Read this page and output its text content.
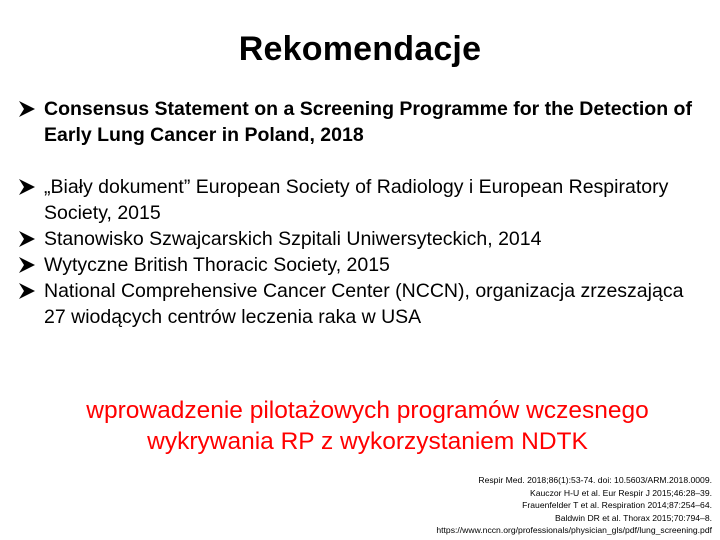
Rekomendacje
Consensus Statement on a Screening Programme for the Detection of Early Lung Cancer in Poland, 2018
„Biały dokument” European Society of Radiology i European Respiratory Society, 2015
Stanowisko Szwajcarskich Szpitali Uniwersyteckich, 2014
Wytyczne British Thoracic Society, 2015
National Comprehensive Cancer Center (NCCN), organizacja zrzeszająca 27 wiodących centrów leczenia raka w USA
wprowadzenie pilotażowych programów wczesnego
wykrywania RP z wykorzystaniem NDTK
Respir Med. 2018;86(1):53-74. doi: 10.5603/ARM.2018.0009.
Kauczor H-U et al. Eur Respir J 2015;46:28–39.
Frauenfelder T et al. Respiration 2014;87:254–64.
Baldwin DR et al. Thorax 2015;70:794–8.
https://www.nccn.org/professionals/physician_gls/pdf/lung_screening.pdf
